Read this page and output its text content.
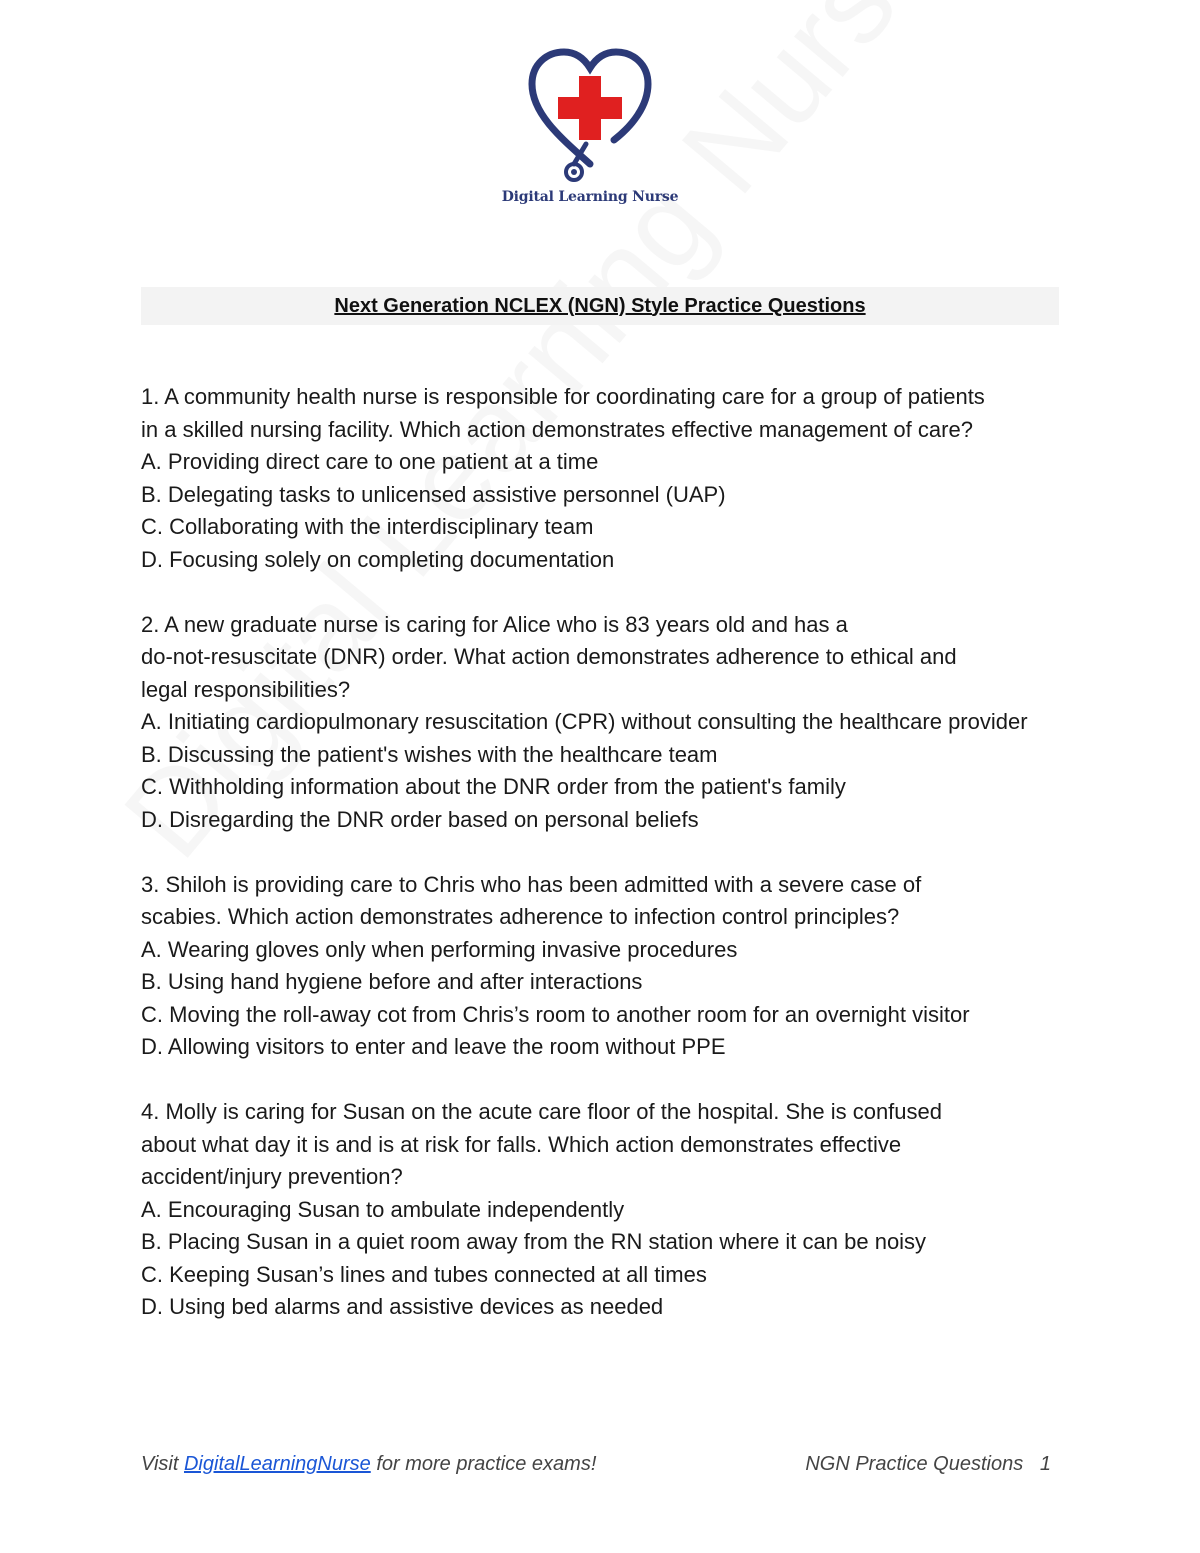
Digital Learning Nurse
Next Generation NCLEX (NGN) Style Practice Questions
1. A community health nurse is responsible for coordinating care for a group of patients
in a skilled nursing facility. Which action demonstrates effective management of care?
A. Providing direct care to one patient at a time
B. Delegating tasks to unlicensed assistive personnel (UAP)
C. Collaborating with the interdisciplinary team
D. Focusing solely on completing documentation
2. A new graduate nurse is caring for Alice who is 83 years old and has a
do-not-resuscitate (DNR) order. What action demonstrates adherence to ethical and
legal responsibilities?
A. Initiating cardiopulmonary resuscitation (CPR) without consulting the healthcare provider
B. Discussing the patient's wishes with the healthcare team
C. Withholding information about the DNR order from the patient's family
D. Disregarding the DNR order based on personal beliefs
3. Shiloh is providing care to Chris who has been admitted with a severe case of
scabies. Which action demonstrates adherence to infection control principles?
A. Wearing gloves only when performing invasive procedures
B. Using hand hygiene before and after interactions
C. Moving the roll-away cot from Chris’s room to another room for an overnight visitor
D. Allowing visitors to enter and leave the room without PPE
4. Molly is caring for Susan on the acute care floor of the hospital. She is confused
about what day it is and is at risk for falls. Which action demonstrates effective
accident/injury prevention?
A. Encouraging Susan to ambulate independently
B. Placing Susan in a quiet room away from the RN station where it can be noisy
C. Keeping Susan’s lines and tubes connected at all times
D. Using bed alarms and assistive devices as needed
Visit DigitalLearningNurse for more practice exams!	NGN Practice Questions 1
